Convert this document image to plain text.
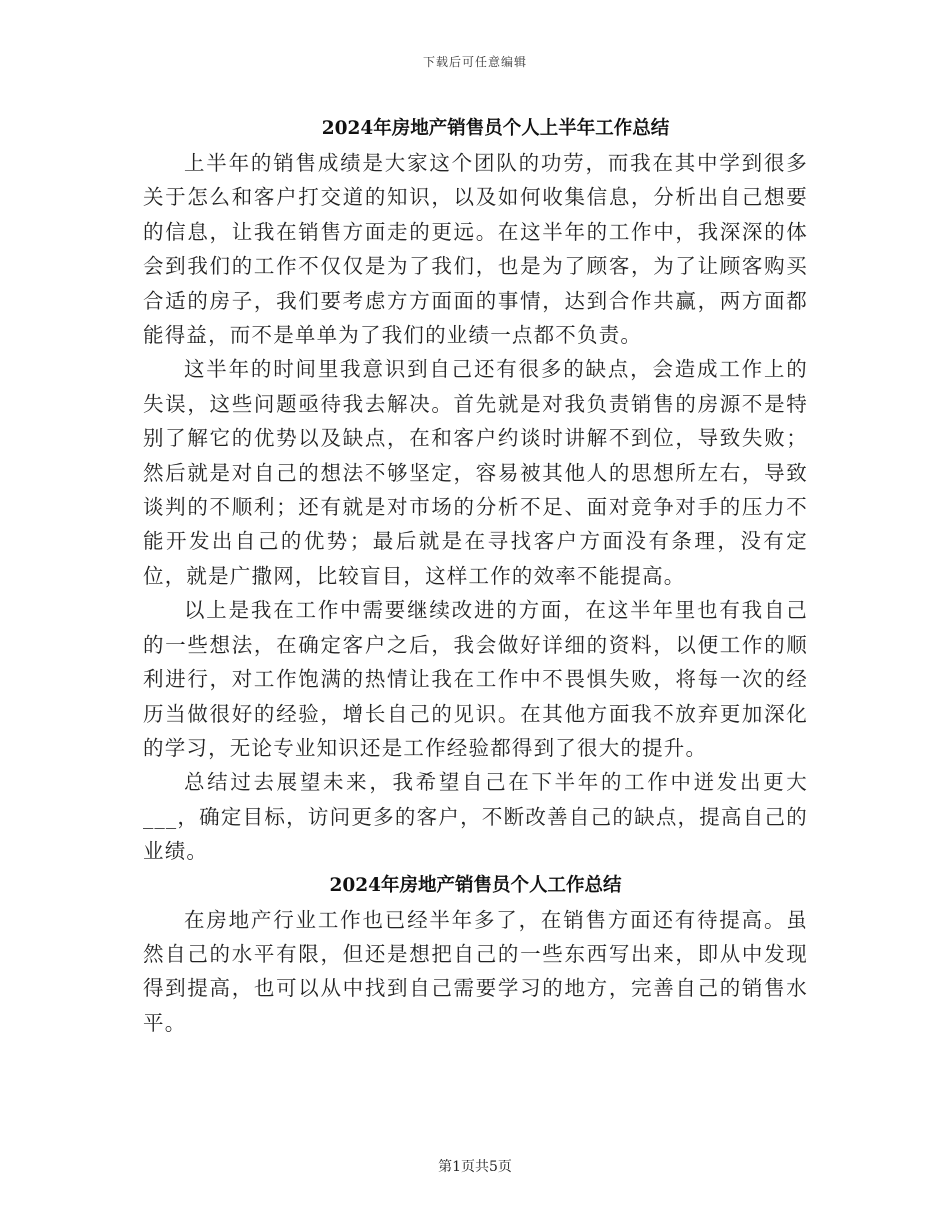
下载后可任意编辑
2024年房地产销售员个人上半年工作总结

上半年的销售成绩是大家这个团队的功劳，而我在其中学到很多关于怎么和客户打交道的知识，以及如何收集信息，分析出自己想要的信息，让我在销售方面走的更远。在这半年的工作中，我深深的体会到我们的工作不仅仅是为了我们，也是为了顾客，为了让顾客购买合适的房子，我们要考虑方方面面的事情，达到合作共赢，两方面都能得益，而不是单单为了我们的业绩一点都不负责。

这半年的时间里我意识到自己还有很多的缺点，会造成工作上的失误，这些问题亟待我去解决。首先就是对我负责销售的房源不是特别了解它的优势以及缺点，在和客户约谈时讲解不到位，导致失败；然后就是对自己的想法不够坚定，容易被其他人的思想所左右，导致谈判的不顺利；还有就是对市场的分析不足、面对竞争对手的压力不能开发出自己的优势；最后就是在寻找客户方面没有条理，没有定位，就是广撒网，比较盲目，这样工作的效率不能提高。

以上是我在工作中需要继续改进的方面，在这半年里也有我自己的一些想法，在确定客户之后，我会做好详细的资料，以便工作的顺利进行，对工作饱满的热情让我在工作中不畏惧失败，将每一次的经历当做很好的经验，增长自己的见识。在其他方面我不放弃更加深化的学习，无论专业知识还是工作经验都得到了很大的提升。

总结过去展望未来，我希望自己在下半年的工作中迸发出更大___，确定目标，访问更多的客户，不断改善自己的缺点，提高自己的业绩。

2024年房地产销售员个人工作总结

在房地产行业工作也已经半年多了，在销售方面还有待提高。虽然自己的水平有限，但还是想把自己的一些东西写出来，即从中发现得到提高，也可以从中找到自己需要学习的地方，完善自己的销售水平。

第1页共5页
